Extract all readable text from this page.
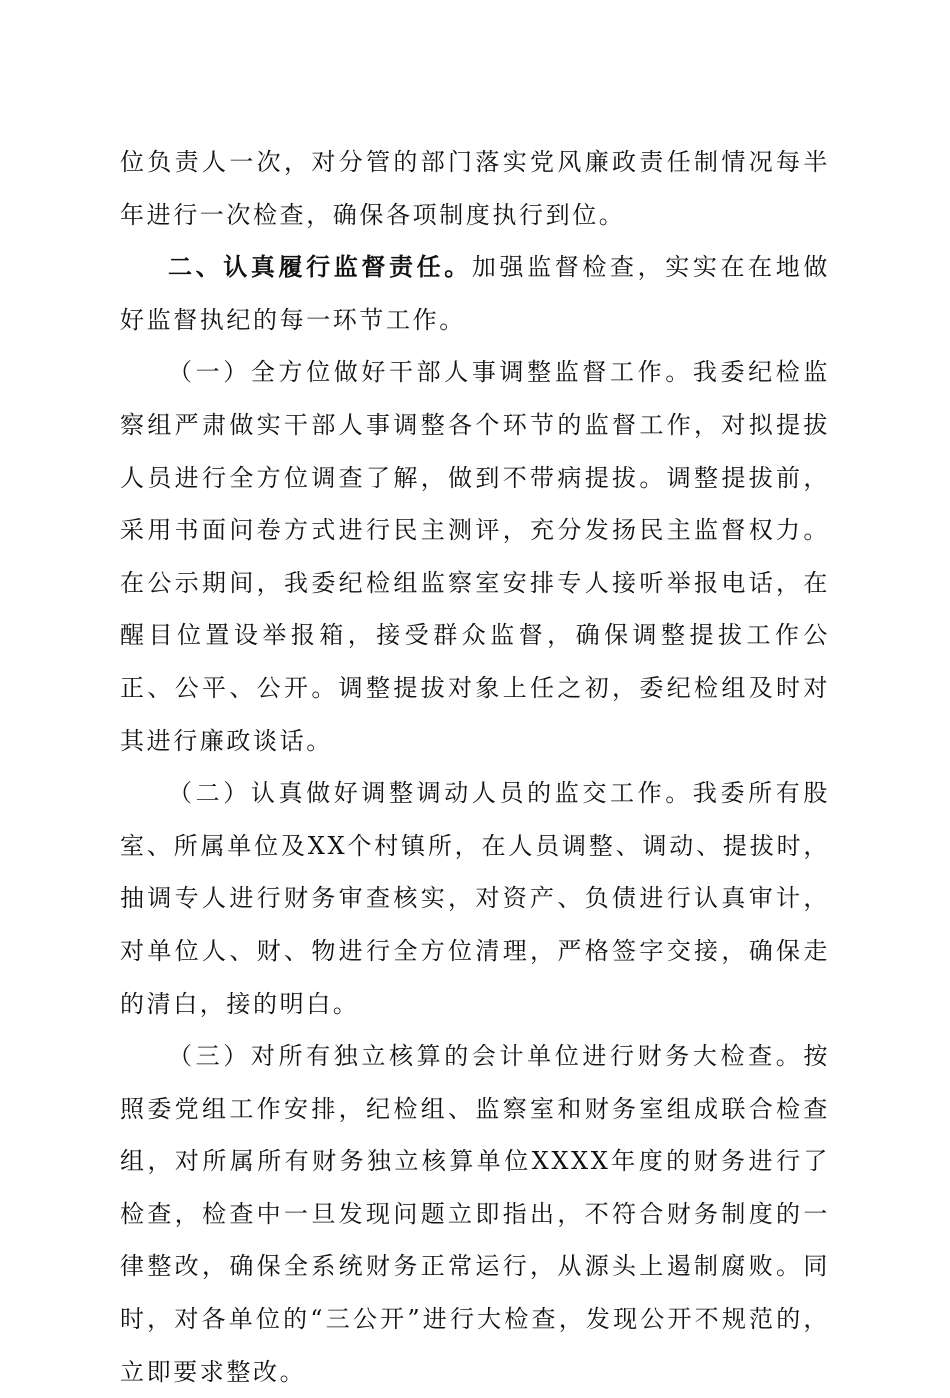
位负责人一次，对分管的部门落实党风廉政责任制情况每半年进行一次检查，确保各项制度执行到位。

二、认真履行监督责任。加强监督检查，实实在在地做好监督执纪的每一环节工作。

（一）全方位做好干部人事调整监督工作。我委纪检监察组严肃做实干部人事调整各个环节的监督工作，对拟提拔人员进行全方位调查了解，做到不带病提拔。调整提拔前，采用书面问卷方式进行民主测评，充分发扬民主监督权力。在公示期间，我委纪检组监察室安排专人接听举报电话，在醒目位置设举报箱，接受群众监督，确保调整提拔工作公正、公平、公开。调整提拔对象上任之初，委纪检组及时对其进行廉政谈话。

（二）认真做好调整调动人员的监交工作。我委所有股室、所属单位及XX个村镇所，在人员调整、调动、提拔时，抽调专人进行财务审查核实，对资产、负债进行认真审计，对单位人、财、物进行全方位清理，严格签字交接，确保走的清白，接的明白。

（三）对所有独立核算的会计单位进行财务大检查。按照委党组工作安排，纪检组、监察室和财务室组成联合检查组，对所属所有财务独立核算单位XXXX年度的财务进行了检查，检查中一旦发现问题立即指出，不符合财务制度的一律整改，确保全系统财务正常运行，从源头上遏制腐败。同时，对各单位的“三公开”进行大检查，发现公开不规范的，立即要求整改。
